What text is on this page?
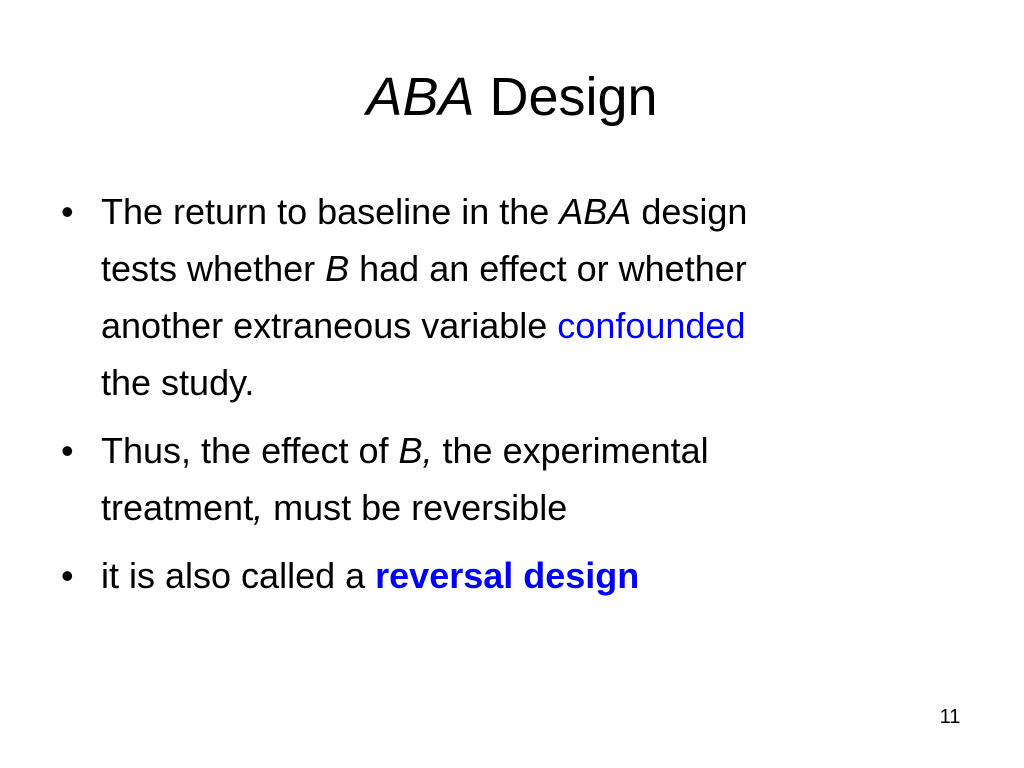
ABA Design
• The return to baseline in the ABA design
tests whether B had an effect or whether
another extraneous variable confounded
the study.
• Thus, the effect of B, the experimental
treatment, must be reversible
• it is also called a reversal design
11
